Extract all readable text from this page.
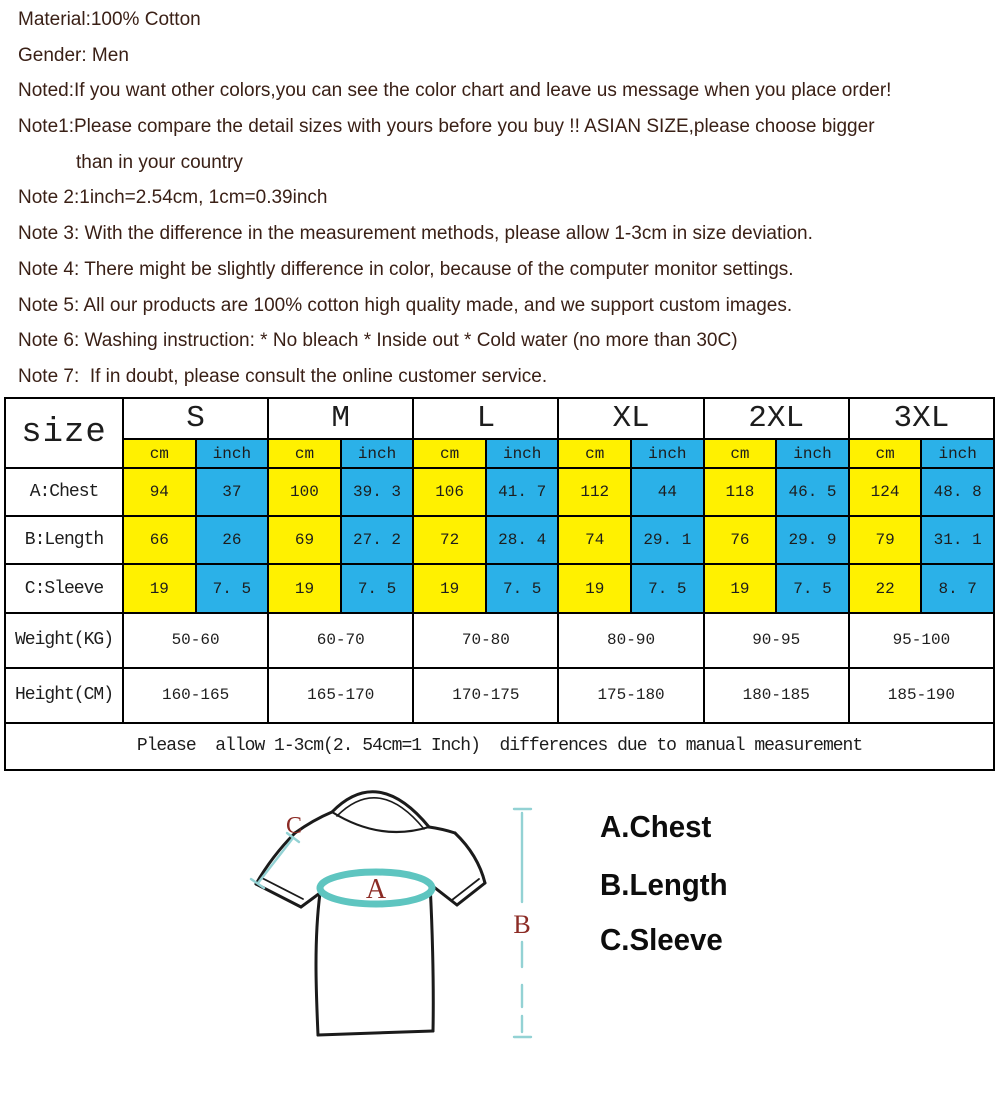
Material:100% Cotton
Gender: Men
Noted:If you want other colors,you can see the color chart and leave us message when you place order!
Note1:Please compare the detail sizes with yours before you buy !! ASIAN SIZE,please choose bigger
than in your country
Note 2:1inch=2.54cm, 1cm=0.39inch
Note 3: With the difference in the measurement methods, please allow 1-3cm in size deviation.
Note 4: There might be slightly difference in color, because of the computer monitor settings.
Note 5: All our products are 100% cotton high quality made, and we support custom images.
Note 6: Washing instruction: * No bleach * Inside out * Cold water (no more than 30C)
Note 7:  If in doubt, please consult the online customer service.
size	S		M		L		XL		2XL		3XL	
	cm	inch	cm	inch	cm	inch	cm	inch	cm	inch	cm	inch
A:Chest	94	37	100	39. 3	106	41. 7	112	44	118	46. 5	124	48. 8
B:Length	66	26	69	27. 2	72	28. 4	74	29. 1	76	29. 9	79	31. 1
C:Sleeve	19	7. 5	19	7. 5	19	7. 5	19	7. 5	19	7. 5	22	8. 7
Weight(KG)	50-60		60-70		70-80		80-90		90-95		95-100	
Height(CM)	160-165		165-170		170-175		175-180		180-185		185-190	
Please  allow 1-3cm(2. 54cm=1 Inch)  differences due to manual measurement												
A
B
C	A.Chest
B.Length
C.Sleeve
